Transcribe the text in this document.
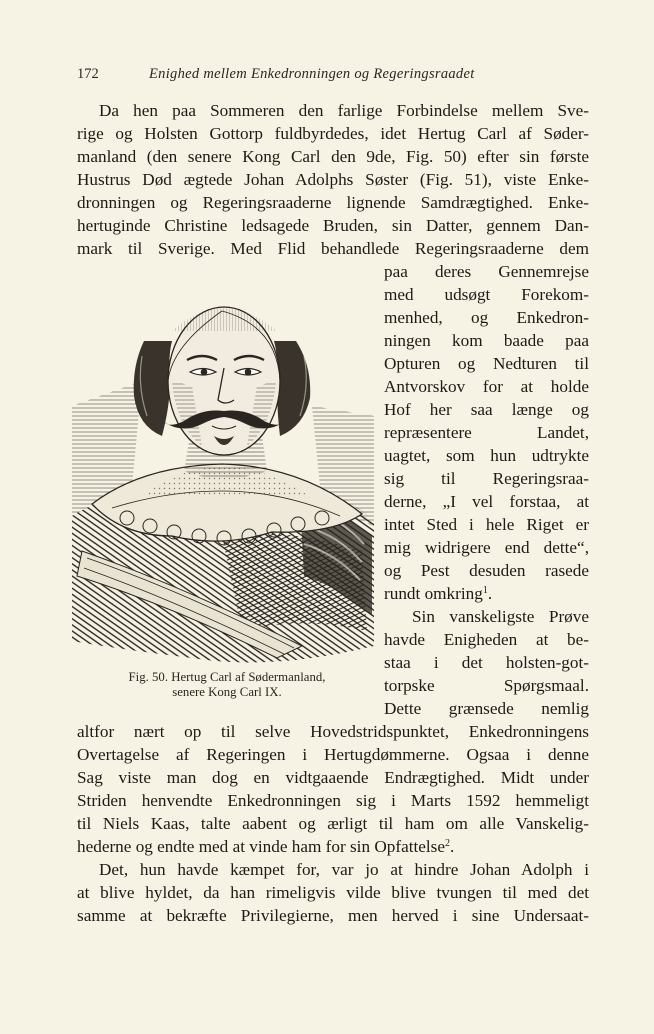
172	Enighed mellem Enkedronningen og Regeringsraadet
Fig. 50. Hertug Carl af Sødermanland,
senere Kong Carl IX.
Da hen paa Sommeren den farlige Forbindelse mellem Sve-
rige og Holsten Gottorp fuldbyrdedes, idet Hertug Carl af Søder-
manland (den senere Kong Carl den 9de, Fig. 50) efter sin første
Hustrus Død ægtede Johan Adolphs Søster (Fig. 51), viste Enke-
dronningen og Regeringsraaderne lignende Samdrægtighed. Enke-
hertuginde Christine ledsagede Bruden, sin Datter, gennem Dan-
mark til Sverige. Med Flid behandlede Regeringsraaderne dem
paa deres Gennemrejse
med udsøgt Forekom-
menhed, og Enkedron-
ningen kom baade paa
Opturen og Nedturen til
Antvorskov for at holde
Hof her saa længe og
repræsentere Landet,
uagtet, som hun udtrykte
sig til Regeringsraa-
derne, „I vel forstaa, at
intet Sted i hele Riget er
mig widrigere end dette“,
og Pest desuden rasede
rundt omkring$^1$.
Sin vanskeligste Prøve
havde Enigheden at be-
staa i det holsten-got-
torpske Spørgsmaal.
Dette grænsede nemlig
altfor nært op til selve Hovedstridspunktet, Enkedronningens
Overtagelse af Regeringen i Hertugdømmerne. Ogsaa i denne
Sag viste man dog en vidtgaaende Endrægtighed. Midt under
Striden henvendte Enkedronningen sig i Marts 1592 hemmeligt
til Niels Kaas, talte aabent og ærligt til ham om alle Vanskelig-
hederne og endte med at vinde ham for sin Opfattelse$^2$.
Det, hun havde kæmpet for, var jo at hindre Johan Adolph i
at blive hyldet, da han rimeligvis vilde blive tvungen til med det
samme at bekræfte Privilegierne, men herved i sine Undersaat-
